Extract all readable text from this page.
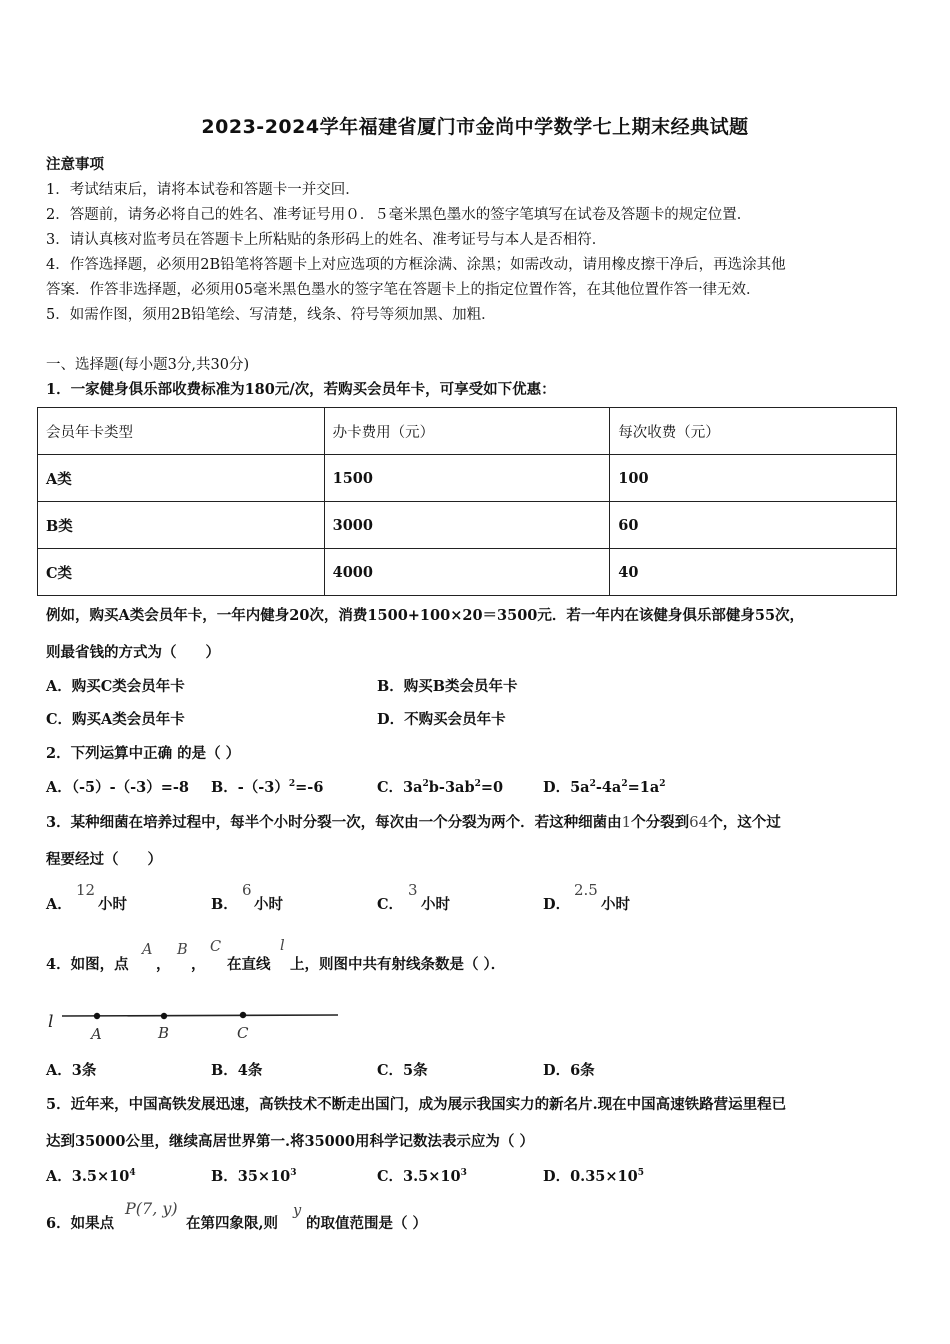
2023-2024学年福建省厦门市金尚中学数学七上期末经典试题
注意事项
1．考试结束后，请将本试卷和答题卡一并交回．
2．答题前，请务必将自己的姓名、准考证号用０．５毫米黑色墨水的签字笔填写在试卷及答题卡的规定位置．
3．请认真核对监考员在答题卡上所粘贴的条形码上的姓名、准考证号与本人是否相符．
4．作答选择题，必须用2B铅笔将答题卡上对应选项的方框涂满、涂黑；如需改动，请用橡皮擦干净后，再选涂其他
答案．作答非选择题，必须用05毫米黑色墨水的签字笔在答题卡上的指定位置作答，在其他位置作答一律无效．
5．如需作图，须用2B铅笔绘、写清楚，线条、符号等须加黑、加粗．
一、选择题(每小题3分,共30分)
1．一家健身俱乐部收费标准为180元/次，若购买会员年卡，可享受如下优惠：
会员年卡类型	办卡费用（元）	每次收费（元）
A类	1500	100
B类	3000	60
C类	4000	40
例如，购买A类会员年卡，一年内健身20次，消费1500+100×20＝3500元．若一年内在该健身俱乐部健身55次，
则最省钱的方式为（　　）
A．购买C类会员年卡	B．购买B类会员年卡
C．购买A类会员年卡	D．不购买会员年卡
2．下列运算中正确 的是（ ）
A．（-5）-（-3）=-8 B．$-(-3)^2=-6$	C．$3a^2b-3ab^2=0$	D．$5a^2-4a^2=1a^2$
3．某种细菌在培养过程中，每半个小时分裂一次，每次由一个分裂为两个．若这种细菌由1个分裂到64个，这个过
程要经过（　　）
A．
12
小时	B．
6
小时	C．
3
小时	D．
2.5
小时
4．如图，点
A
，
B
，
C
在直线
l
上，则图中共有射线条数是（ ）．
l
A	B	C
A．3条	B．4条	C．5条	D．6条
5．近年来，中国高铁发展迅速，高铁技术不断走出国门，成为展示我国实力的新名片.现在中国高速铁路营运里程已
达到35000公里，继续高居世界第一.将35000用科学记数法表示应为（ ）
A．$3.5\times 10^4$	B．$35\times 10^3$	C．$3.5\times 10^3$	D．$0.35\times 10^5$
6．如果点
P(7, y)
在第四象限,则
y
的取值范围是（ ）
